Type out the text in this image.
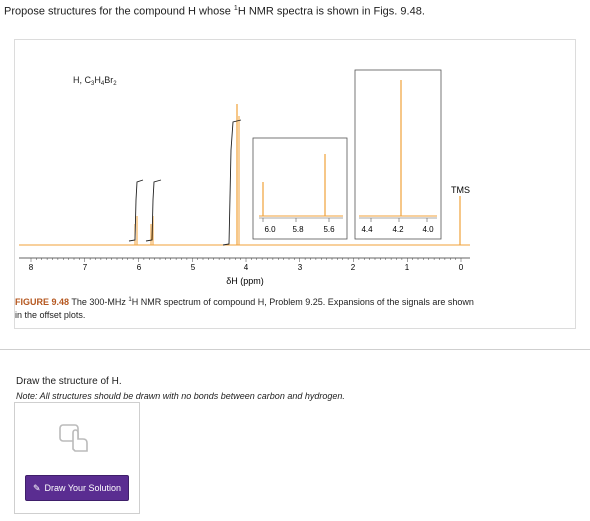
Propose structures for the compound H whose $^1$H NMR spectra is shown in Figs. 9.48.
H, $C_3H_4Br_2$
6.0 5.8 5.6	4.4 4.2 4.0
TMS
8	7	6	5	4	3	2	1	0
δH (ppm)
FIGURE 9.48 The 300-MHz $^1$H NMR spectrum of compound H, Problem 9.25. Expansions of the signals are shown in the offset plots.
Draw the structure of H.
Note: All structures should be drawn with no bonds between carbon and hydrogen.
✎ Draw Your Solution
